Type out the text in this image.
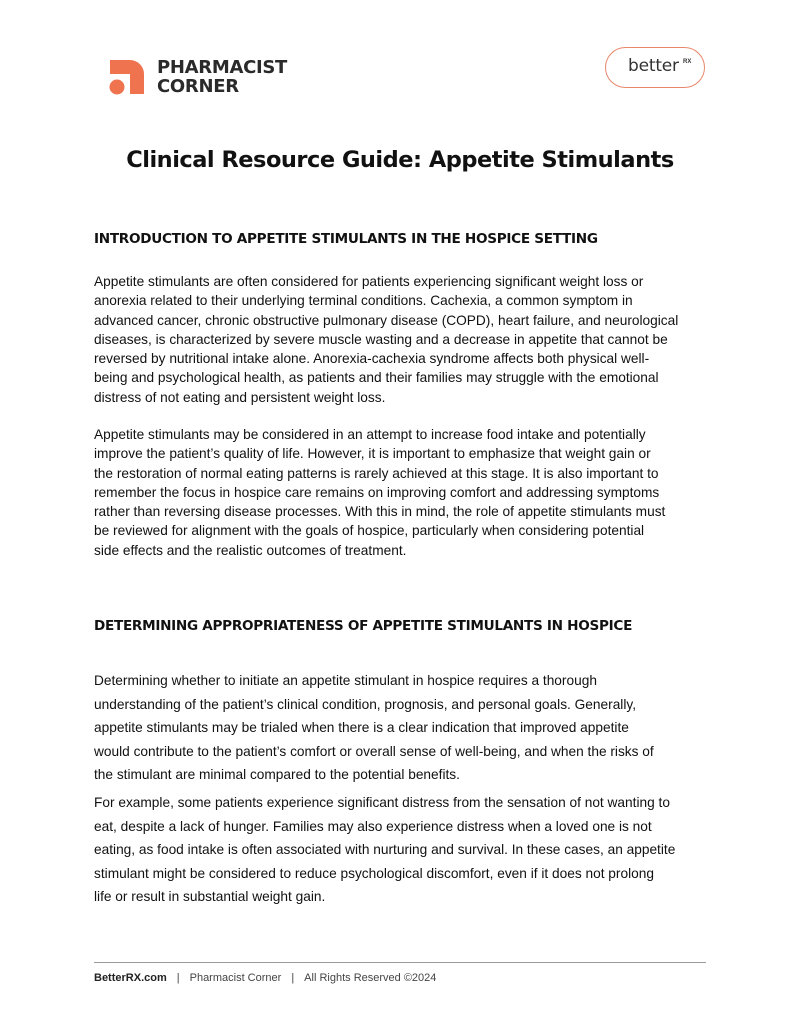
PHARMACIST
CORNER
better RX
Clinical Resource Guide: Appetite Stimulants
INTRODUCTION TO APPETITE STIMULANTS IN THE HOSPICE SETTING
Appetite stimulants are often considered for patients experiencing significant weight loss or
anorexia related to their underlying terminal conditions. Cachexia, a common symptom in
advanced cancer, chronic obstructive pulmonary disease (COPD), heart failure, and neurological
diseases, is characterized by severe muscle wasting and a decrease in appetite that cannot be
reversed by nutritional intake alone. Anorexia-cachexia syndrome affects both physical well-
being and psychological health, as patients and their families may struggle with the emotional
distress of not eating and persistent weight loss.
Appetite stimulants may be considered in an attempt to increase food intake and potentially
improve the patient’s quality of life. However, it is important to emphasize that weight gain or
the restoration of normal eating patterns is rarely achieved at this stage. It is also important to
remember the focus in hospice care remains on improving comfort and addressing symptoms
rather than reversing disease processes. With this in mind, the role of appetite stimulants must
be reviewed for alignment with the goals of hospice, particularly when considering potential
side effects and the realistic outcomes of treatment.
DETERMINING APPROPRIATENESS OF APPETITE STIMULANTS IN HOSPICE
Determining whether to initiate an appetite stimulant in hospice requires a thorough
understanding of the patient’s clinical condition, prognosis, and personal goals. Generally,
appetite stimulants may be trialed when there is a clear indication that improved appetite
would contribute to the patient’s comfort or overall sense of well-being, and when the risks of
the stimulant are minimal compared to the potential benefits.
For example, some patients experience significant distress from the sensation of not wanting to
eat, despite a lack of hunger. Families may also experience distress when a loved one is not
eating, as food intake is often associated with nurturing and survival. In these cases, an appetite
stimulant might be considered to reduce psychological discomfort, even if it does not prolong
life or result in substantial weight gain.
BetterRX.com | Pharmacist Corner | All Rights Reserved ©2024
